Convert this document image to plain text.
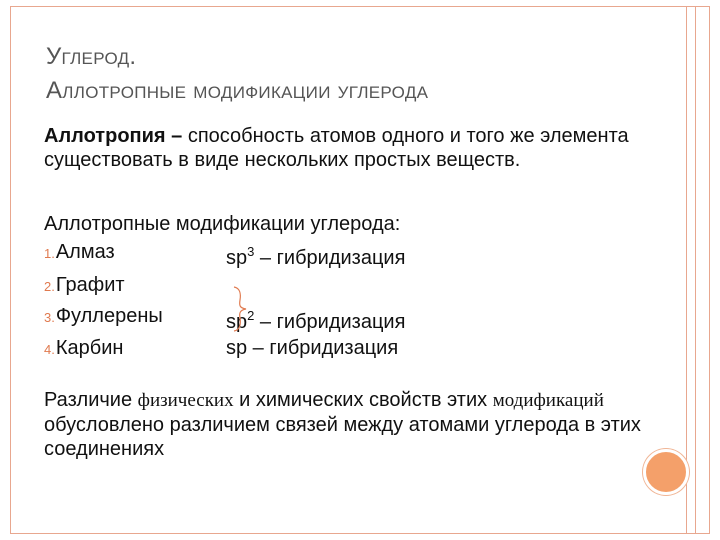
Углерод.
Аллотропные модификации углерода

Аллотропия – способность атомов одного и того же элемента существовать в виде нескольких простых веществ.

Аллотропные модификации углерода:

1.Алмаз
2.Графит
3.Фуллерены
4.Карбин
$sp^3$ – гибридизация
$sp^2$ – гибридизация
sp – гибридизация

Различие физических и химических свойств этих модификаций обусловлено различием связей между атомами углерода в этих соединениях
